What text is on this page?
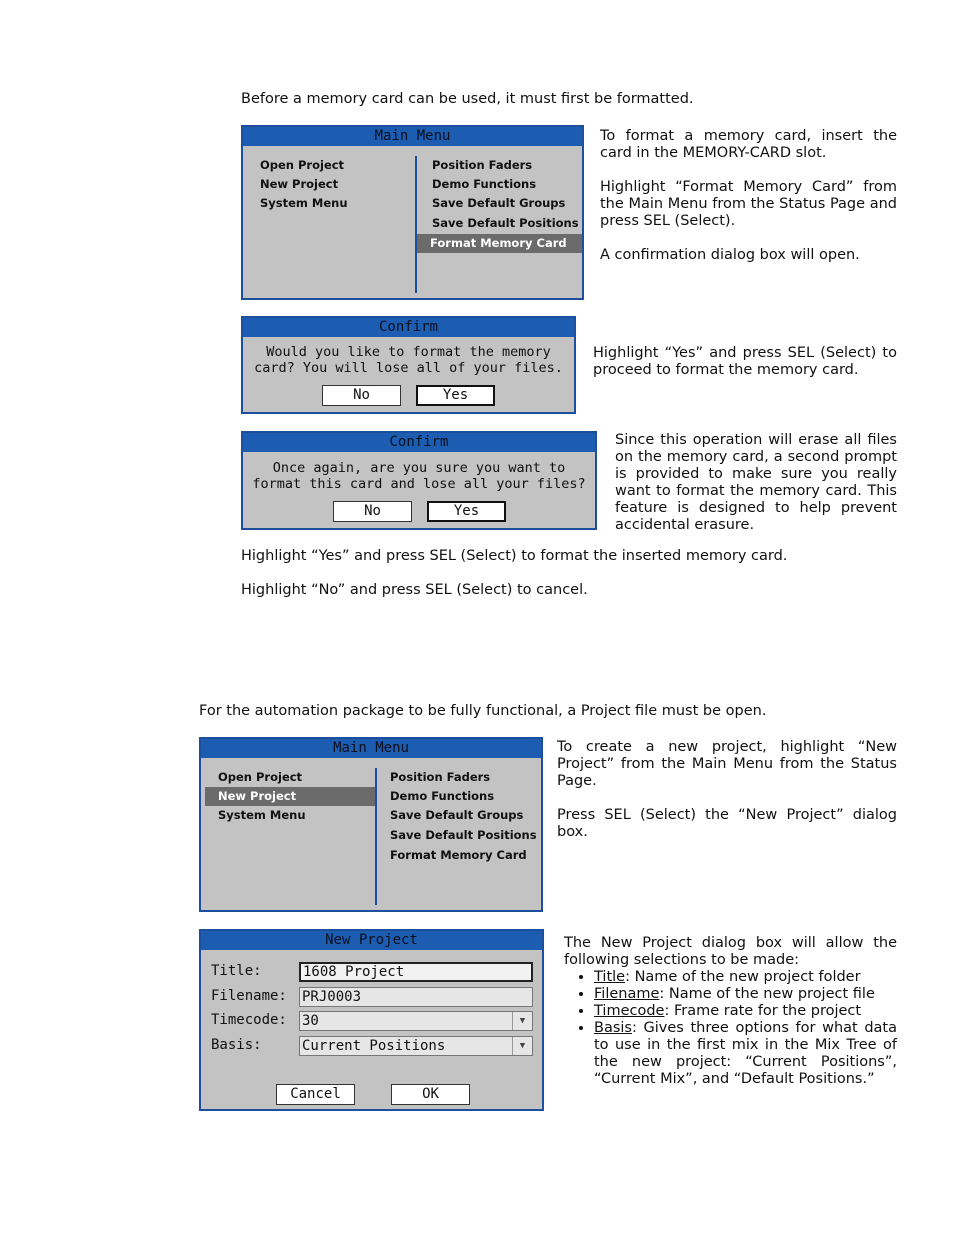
Before a memory card can be used, it must first be formatted.

Main Menu
Open Project
New Project
System Menu
Position Faders
Demo Functions
Save Default Groups
Save Default Positions
Format Memory Card

To format a memory card, insert the card in the MEMORY-CARD slot.

Highlight “Format Memory Card” from the Main Menu from the Status Page and press SEL (Select).

A confirmation dialog box will open.

Confirm
Would you like to format the memory
card? You will lose all of your files.
No	Yes

Highlight “Yes” and press SEL (Select) to proceed to format the memory card.

Confirm
Once again, are you sure you want to
format this card and lose all your files?
No	Yes

Since this operation will erase all files on the memory card, a second prompt is provided to make sure you really want to format the memory card. This feature is designed to help prevent accidental erasure.

Highlight “Yes” and press SEL (Select) to format the inserted memory card.

Highlight “No” and press SEL (Select) to cancel.

For the automation package to be fully functional, a Project file must be open.

Main Menu
Open Project
New Project
System Menu
Position Faders
Demo Functions
Save Default Groups
Save Default Positions
Format Memory Card

To create a new project, highlight “New Project” from the Main Menu from the Status Page.

Press SEL (Select) the “New Project” dialog box.

New Project
Title:	1608 Project
Filename: PRJ0003
Timecode: 30	▼
Basis:	Current Positions	▼
Cancel	OK

The New Project dialog box will allow the following selections to be made:

• Title: Name of the new project folder
• Filename: Name of the new project file
• Timecode: Frame rate for the project
• Basis: Gives three options for what data to use in the first mix in the Mix Tree of the new project: “Current Positions”, “Current Mix”, and “Default Positions.”
